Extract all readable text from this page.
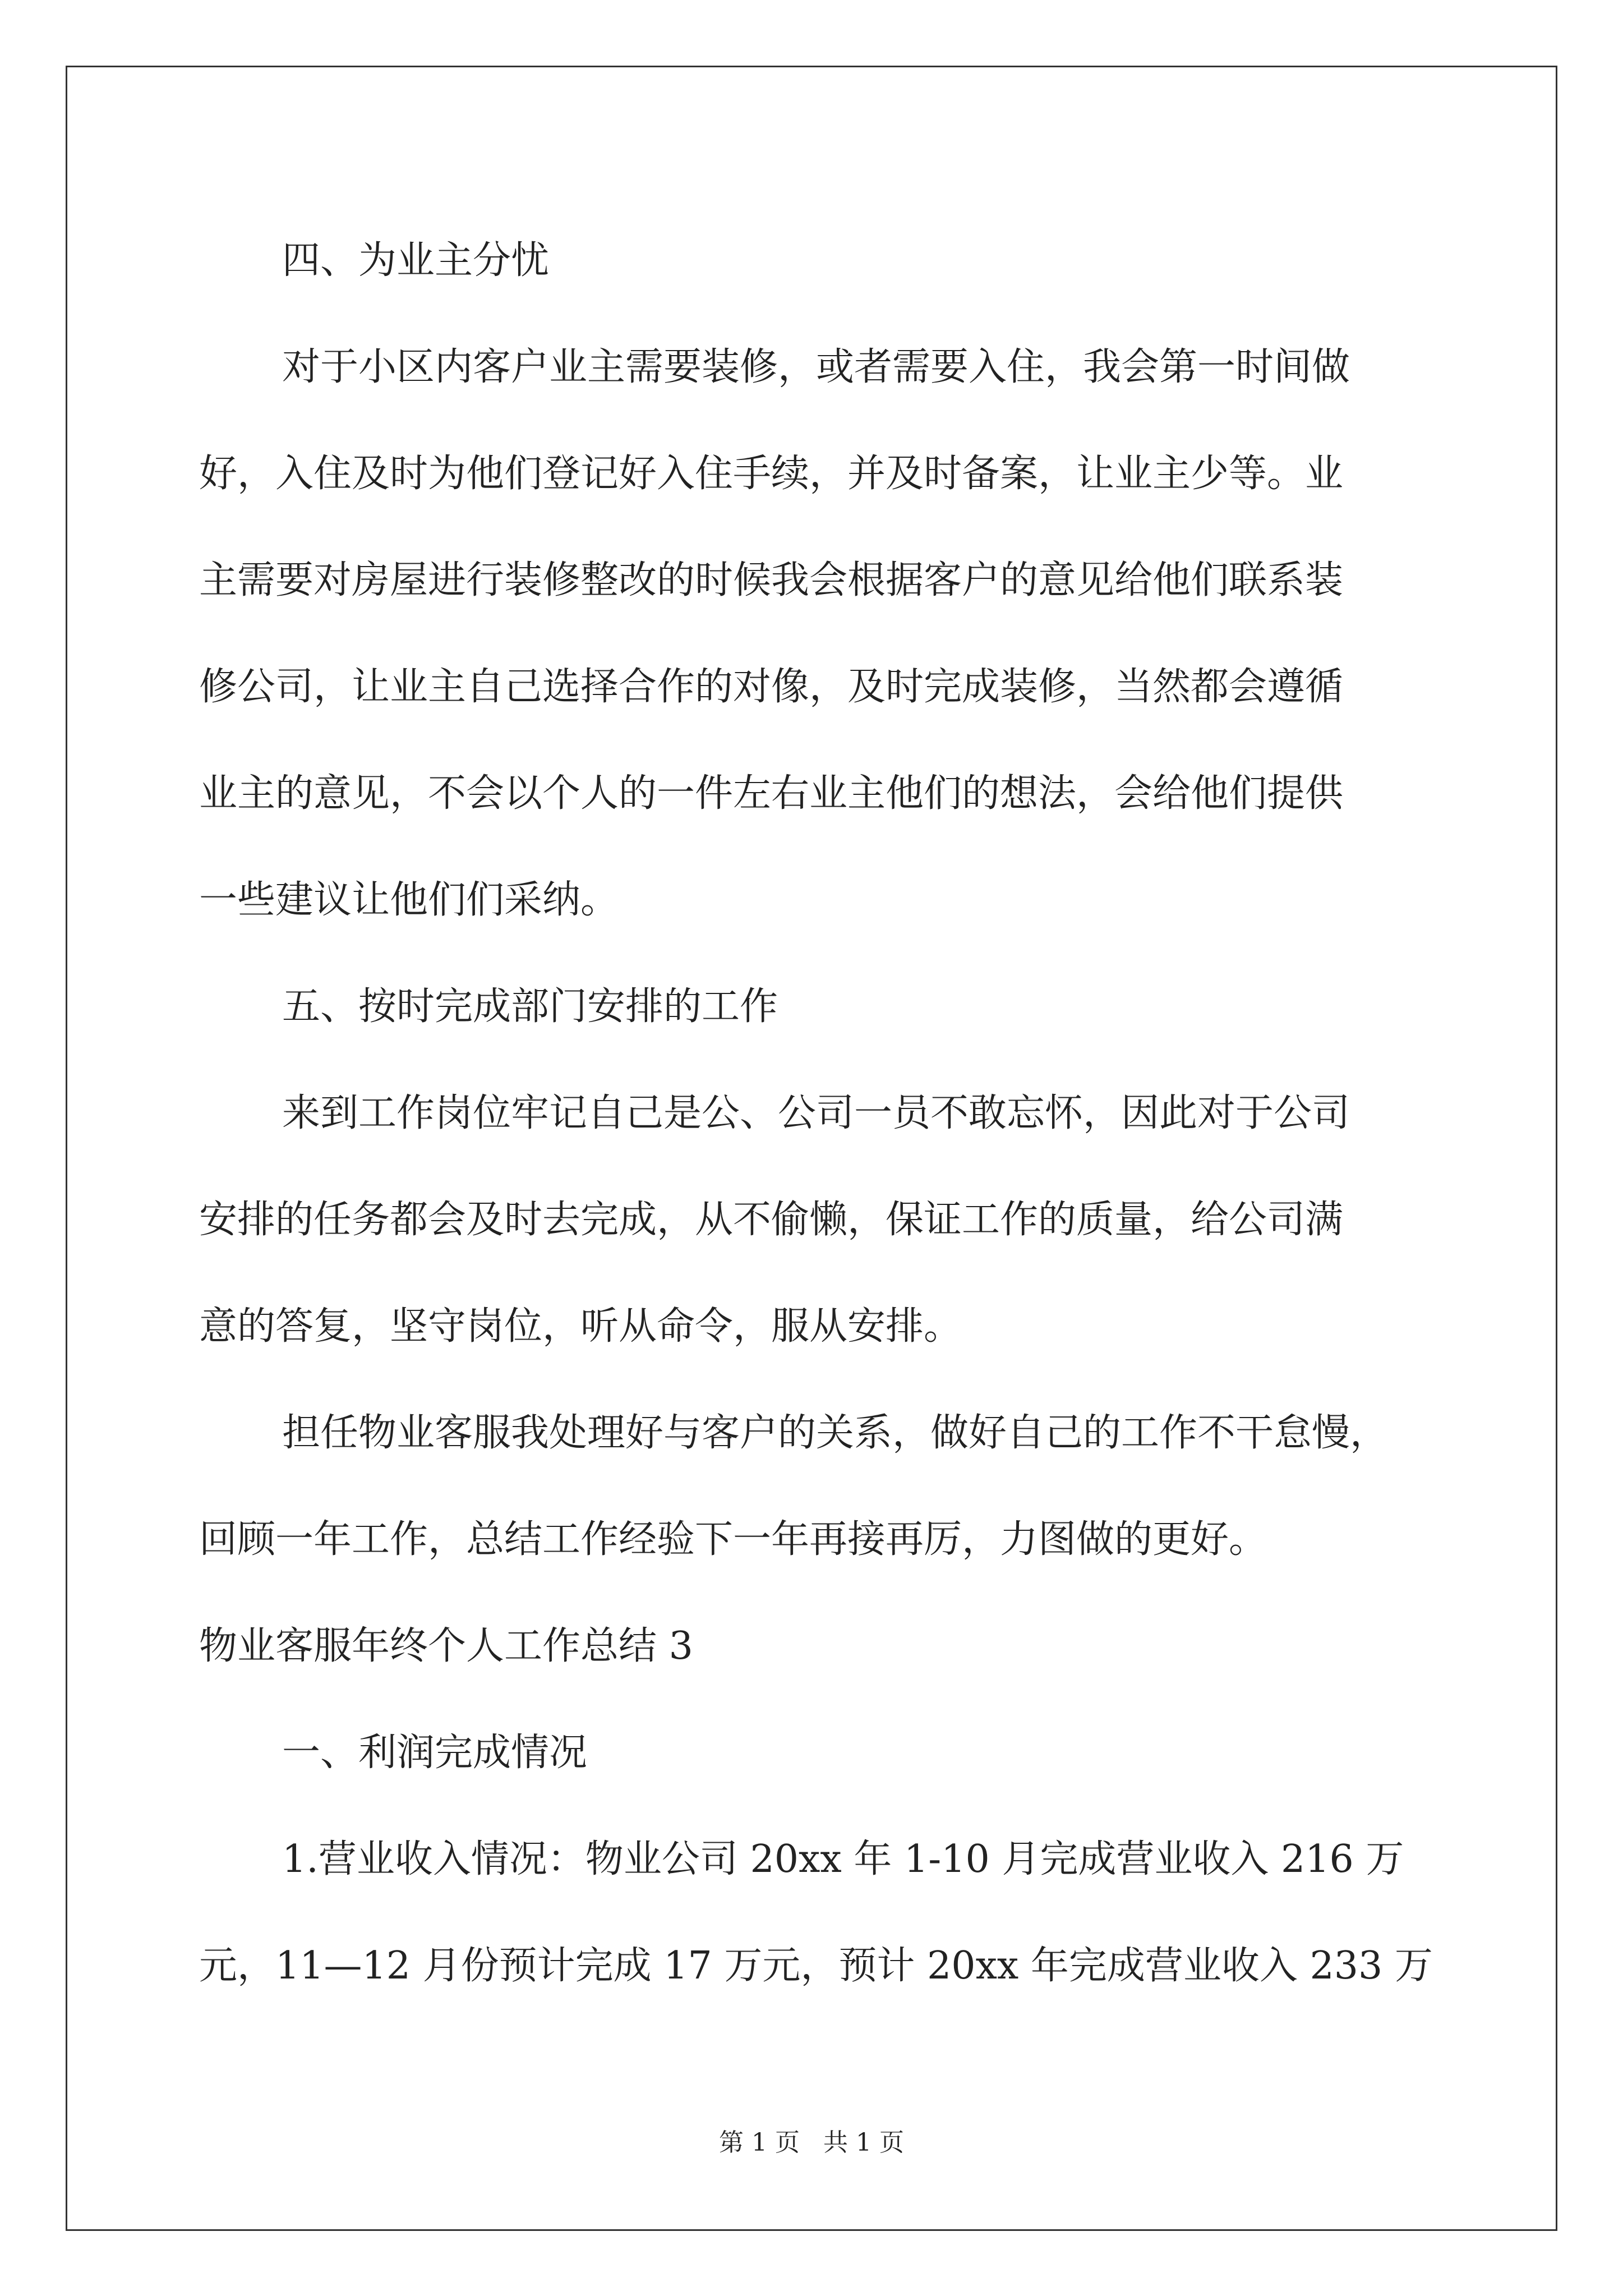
四、为业主分忧

对于小区内客户业主需要装修，或者需要入住，我会第一时间做

好，入住及时为他们登记好入住手续，并及时备案，让业主少等。业

主需要对房屋进行装修整改的时候我会根据客户的意见给他们联系装

修公司，让业主自己选择合作的对像，及时完成装修，当然都会遵循

业主的意见，不会以个人的一件左右业主他们的想法，会给他们提供

一些建议让他们们采纳。

五、按时完成部门安排的工作

来到工作岗位牢记自己是公、公司一员不敢忘怀，因此对于公司

安排的任务都会及时去完成，从不偷懒，保证工作的质量，给公司满

意的答复，坚守岗位，听从命令，服从安排。

担任物业客服我处理好与客户的关系，做好自己的工作不干怠慢，

回顾一年工作，总结工作经验下一年再接再厉，力图做的更好。

物业客服年终个人工作总结 3

一、利润完成情况

1.营业收入情况：物业公司 20xx 年 1-10 月完成营业收入 216 万

元，11—12 月份预计完成 17 万元，预计 20xx 年完成营业收入 233 万

第 1 页 共 1 页
